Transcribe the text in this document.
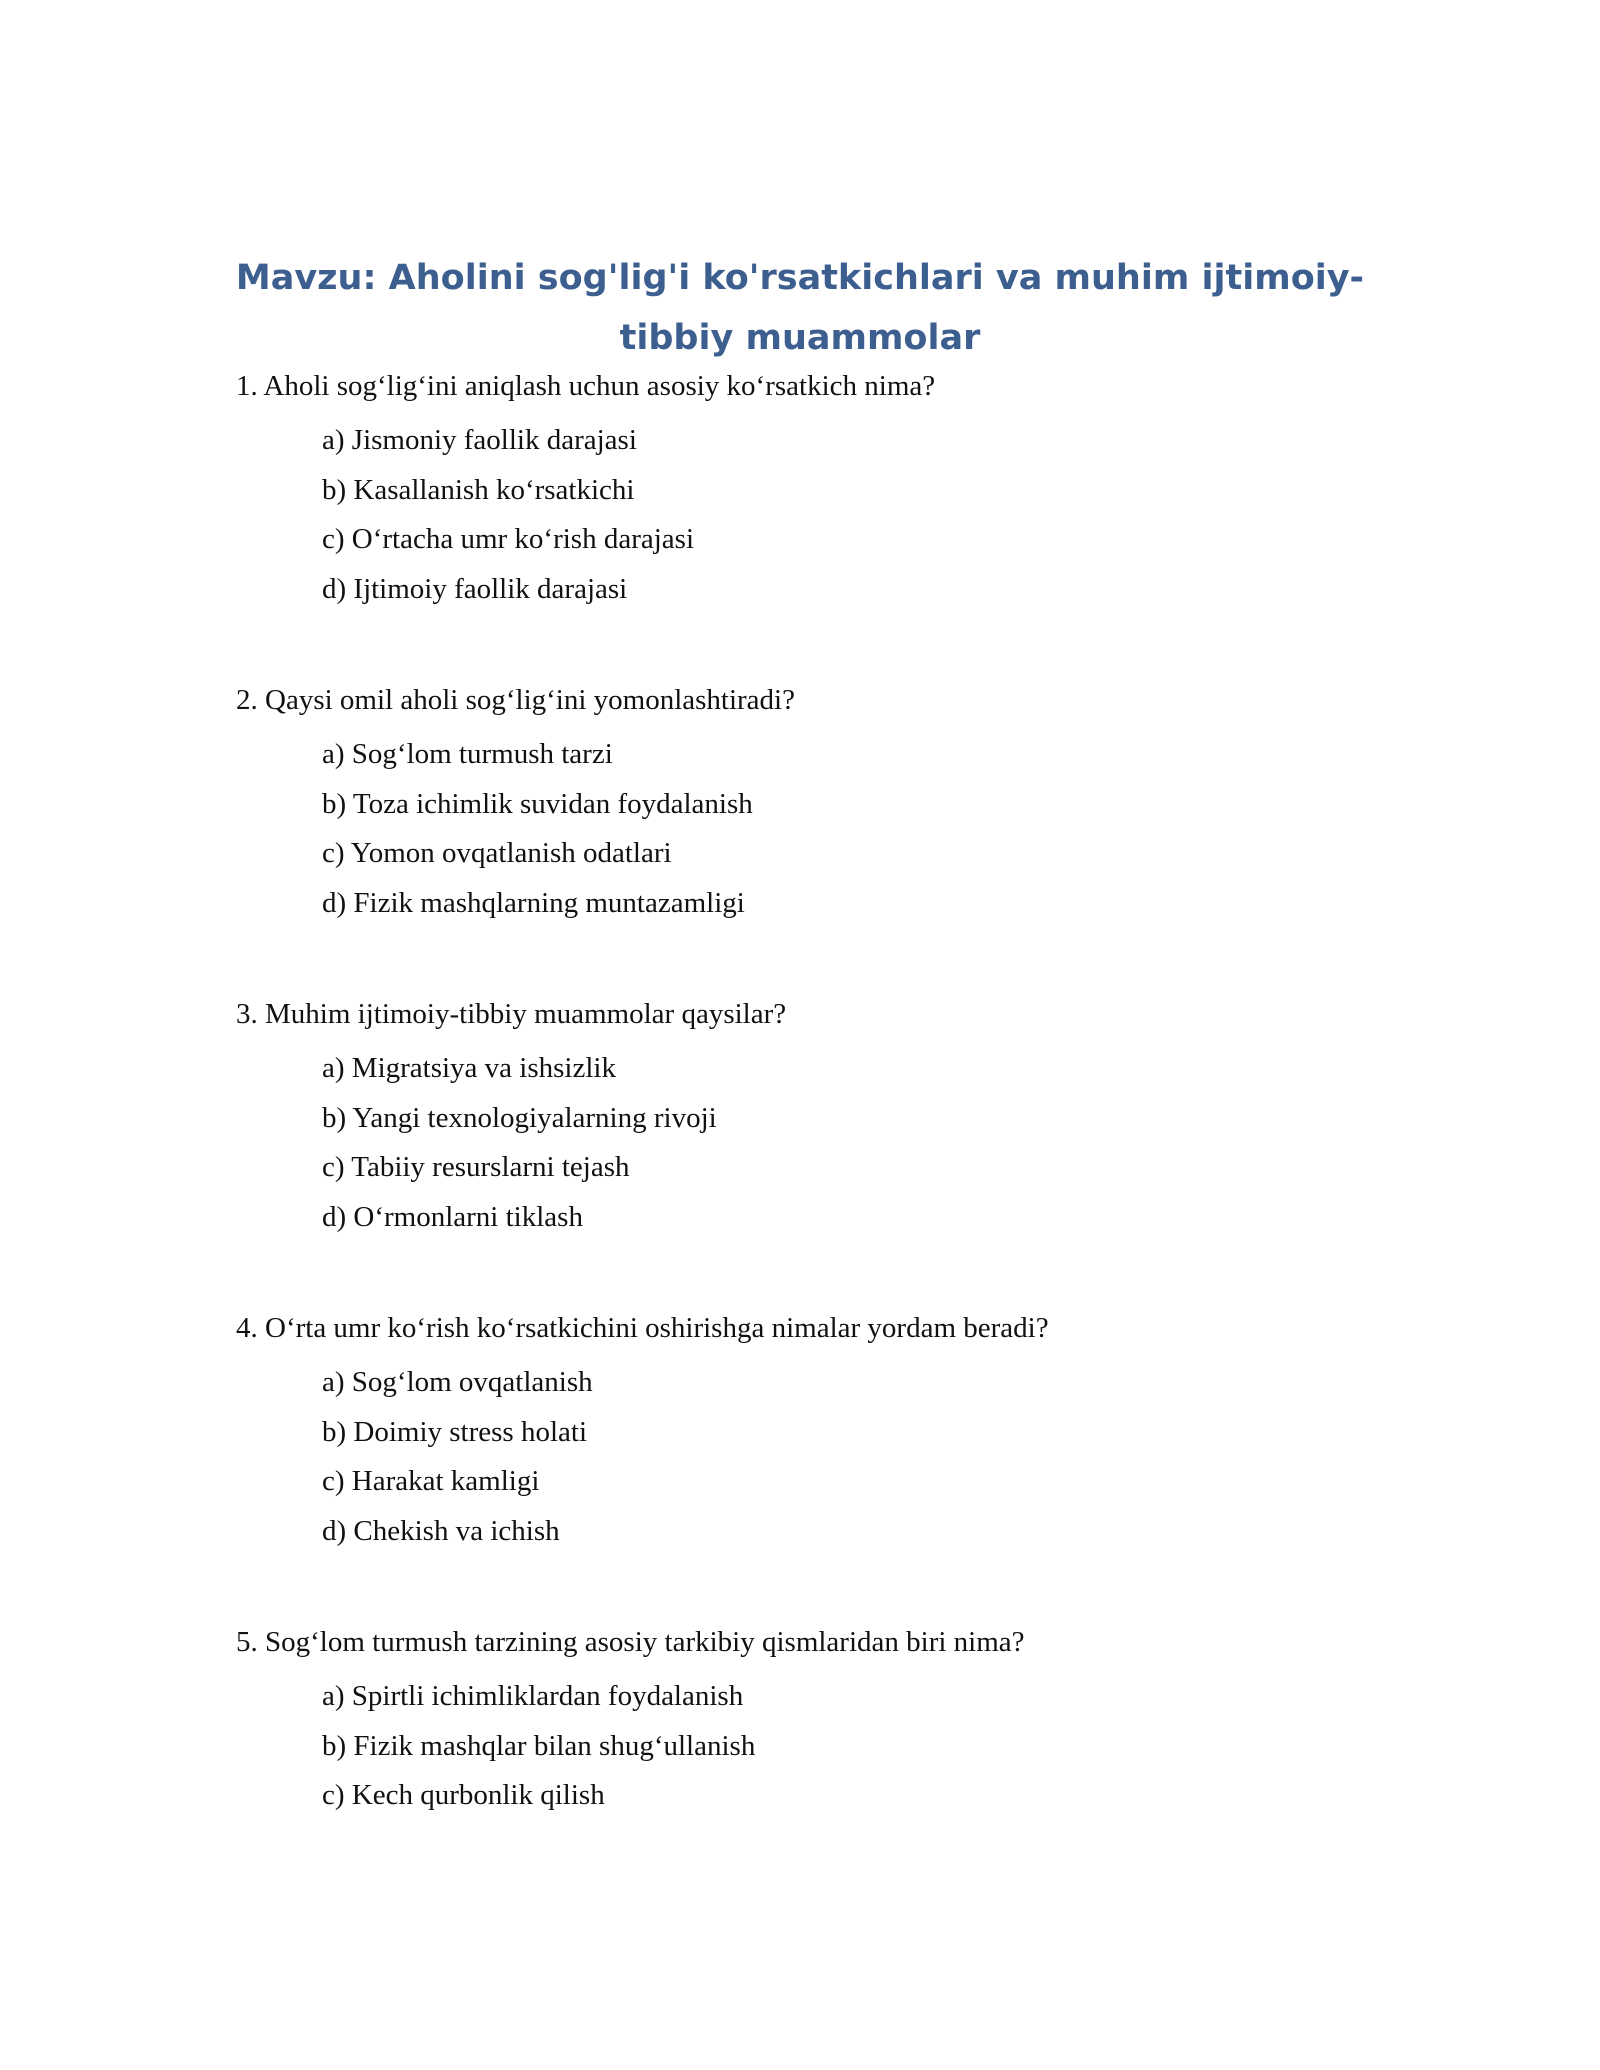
Mavzu: Aholini sog'lig'i ko'rsatkichlari va muhim ijtimoiy-tibbiy muammolar

1. Aholi sog‘lig‘ini aniqlash uchun asosiy ko‘rsatkich nima?

a) Jismoniy faollik darajasi
b) Kasallanish ko‘rsatkichi
c) O‘rtacha umr ko‘rish darajasi
d) Ijtimoiy faollik darajasi

2. Qaysi omil aholi sog‘lig‘ini yomonlashtiradi?

a) Sog‘lom turmush tarzi
b) Toza ichimlik suvidan foydalanish
c) Yomon ovqatlanish odatlari
d) Fizik mashqlarning muntazamligi

3. Muhim ijtimoiy-tibbiy muammolar qaysilar?

a) Migratsiya va ishsizlik
b) Yangi texnologiyalarning rivoji
c) Tabiiy resurslarni tejash
d) O‘rmonlarni tiklash

4. O‘rta umr ko‘rish ko‘rsatkichini oshirishga nimalar yordam beradi?

a) Sog‘lom ovqatlanish
b) Doimiy stress holati
c) Harakat kamligi
d) Chekish va ichish

5. Sog‘lom turmush tarzining asosiy tarkibiy qismlaridan biri nima?

a) Spirtli ichimliklardan foydalanish
b) Fizik mashqlar bilan shug‘ullanish
c) Kech qurbonlik qilish
